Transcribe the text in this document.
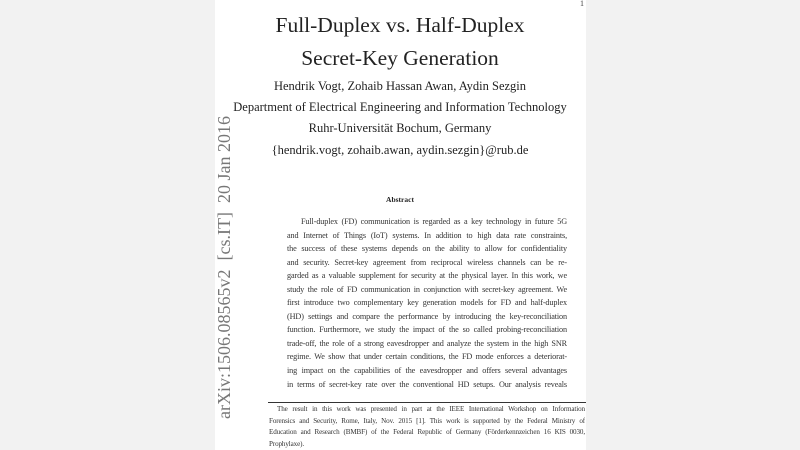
1
arXiv:1506.08565v2[cs.IT]20 Jan 2016
Full-Duplex vs. Half-Duplex
Secret-Key Generation
Hendrik Vogt, Zohaib Hassan Awan, Aydin Sezgin
Department of Electrical Engineering and Information Technology
Ruhr-Universität Bochum, Germany
{hendrik.vogt, zohaib.awan, aydin.sezgin}@rub.de
Abstract
Full-duplex (FD) communication is regarded as a key technology in future 5G
and Internet of Things (IoT) systems. In addition to high data rate constraints,
the success of these systems depends on the ability to allow for confidentiality
and security. Secret-key agreement from reciprocal wireless channels can be re-
garded as a valuable supplement for security at the physical layer. In this work, we
study the role of FD communication in conjunction with secret-key agreement. We
first introduce two complementary key generation models for FD and half-duplex
(HD) settings and compare the performance by introducing the key-reconciliation
function. Furthermore, we study the impact of the so called probing-reconciliation
trade-off, the role of a strong eavesdropper and analyze the system in the high SNR
regime. We show that under certain conditions, the FD mode enforces a deteriorat-
ing impact on the capabilities of the eavesdropper and offers several advantages
in terms of secret-key rate over the conventional HD setups. Our analysis reveals
The result in this work was presented in part at the IEEE International Workshop on Information
Forensics and Security, Rome, Italy, Nov. 2015 [1]. This work is supported by the Federal Ministry of
Education and Research (BMBF) of the Federal Republic of Germany (Förderkennzeichen 16 KIS 0030,
Prophylaxe).
